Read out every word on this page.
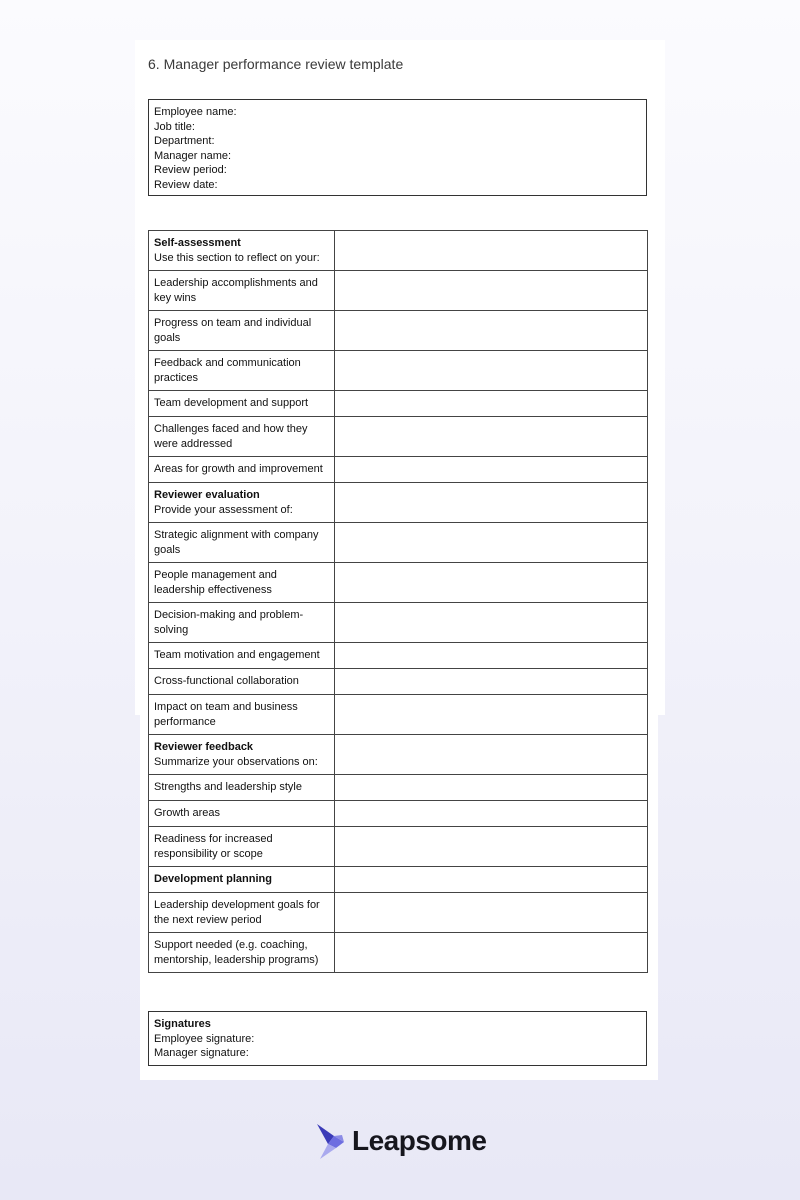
6. Manager performance review template
Employee name:
Job title:
Department:
Manager name:
Review period:
Review date:
Self-assessment
Use this section to reflect on your:	
Leadership accomplishments and key wins	
Progress on team and individual goals	
Feedback and communication practices	
Team development and support	
Challenges faced and how they were addressed	
Areas for growth and improvement	
Reviewer evaluation
Provide your assessment of:	
Strategic alignment with company goals	
People management and leadership effectiveness	
Decision-making and problem-solving	
Team motivation and engagement	
Cross-functional collaboration	
Impact on team and business performance	
Reviewer feedback
Summarize your observations on:	
Strengths and leadership style	
Growth areas	
Readiness for increased responsibility or scope	
Development planning	
Leadership development goals for the next review period	
Support needed (e.g. coaching, mentorship, leadership programs)	
Signatures
Employee signature:
Manager signature:
Leapsome
